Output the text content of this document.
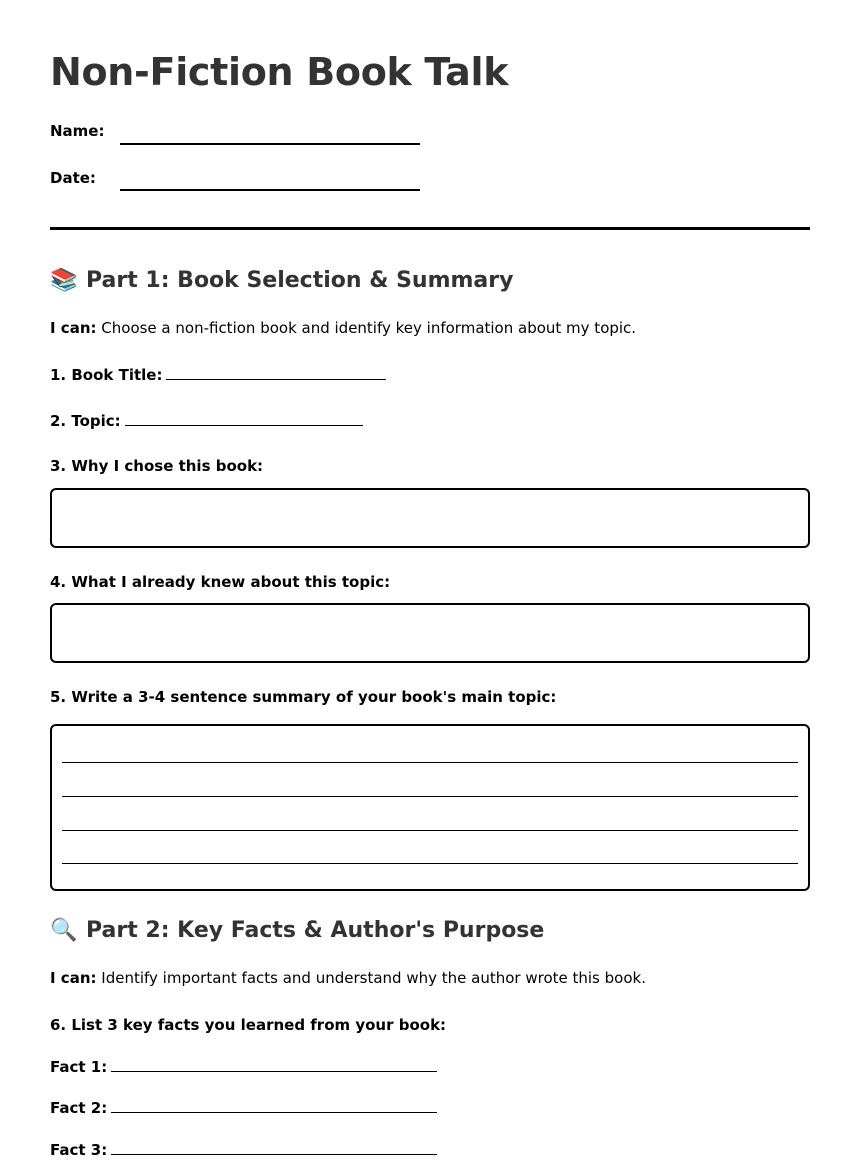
Non-Fiction Book Talk
Name:
Date:
📚 Part 1: Book Selection & Summary
I can: Choose a non-fiction book and identify key information about my topic.
1. Book Title:
2. Topic:
3. Why I chose this book:
4. What I already knew about this topic:
5. Write a 3-4 sentence summary of your book's main topic:
🔍 Part 2: Key Facts & Author's Purpose
I can: Identify important facts and understand why the author wrote this book.
6. List 3 key facts you learned from your book:
Fact 1:
Fact 2:
Fact 3:
